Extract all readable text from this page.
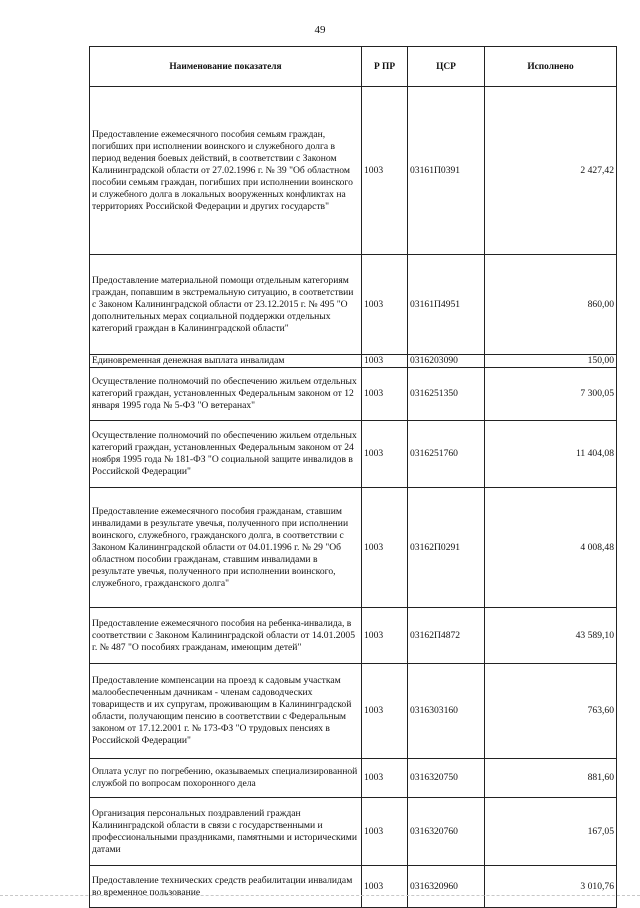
49
Наименование показателя	Р ПР	ЦСР	Исполнено
Предоставление ежемесячного пособия семьям граждан, погибших при исполнении воинского и служебного долга в период ведения боевых действий, в соответствии с Законом Калининградской области от 27.02.1996 г. № 39 "Об областном пособии семьям граждан, погибших при исполнении воинского и служебного долга в локальных вооруженных конфликтах на территориях Российской Федерации и других государств"	1003	03161П0391	2 427,42
Предоставление материальной помощи отдельным категориям граждан, попавшим в экстремальную ситуацию, в соответствии с Законом Калининградской области от 23.12.2015 г. № 495 "О дополнительных мерах социальной поддержки отдельных категорий граждан в Калининградской области"	1003	03161П4951	860,00
Единовременная денежная выплата инвалидам	1003	0316203090	150,00
Осуществление полномочий по обеспечению жильем отдельных категорий граждан, установленных Федеральным законом от 12 января 1995 года № 5-ФЗ "О ветеранах"	1003	0316251350	7 300,05
Осуществление полномочий по обеспечению жильем отдельных категорий граждан, установленных Федеральным законом от 24 ноября 1995 года № 181-ФЗ "О социальной защите инвалидов в Российской Федерации"	1003	0316251760	11 404,08
Предоставление ежемесячного пособия гражданам, ставшим инвалидами в результате увечья, полученного при исполнении воинского, служебного, гражданского долга, в соответствии с Законом Калининградской области от 04.01.1996 г. № 29 "Об областном пособии гражданам, ставшим инвалидами в результате увечья, полученного при исполнении воинского, служебного, гражданского долга"	1003	03162П0291	4 008,48
Предоставление ежемесячного пособия на ребенка-инвалида, в соответствии с Законом Калининградской области от 14.01.2005 г. № 487 "О пособиях гражданам, имеющим детей"	1003	03162П4872	43 589,10
Предоставление компенсации на проезд к садовым участкам малообеспеченным дачникам - членам садоводческих товариществ и их супругам, проживающим в Калининградской области, получающим пенсию в соответствии с Федеральным законом от 17.12.2001 г. № 173-ФЗ "О трудовых пенсиях в Российской Федерации"	1003	0316303160	763,60
Оплата услуг по погребению, оказываемых специализированной службой по вопросам похоронного дела	1003	0316320750	881,60
Организация персональных поздравлений граждан Калининградской области в связи с государственными и профессиональными праздниками, памятными и историческими датами	1003	0316320760	167,05
Предоставление технических средств реабилитации инвалидам во временное пользование	1003	0316320960	3 010,76
